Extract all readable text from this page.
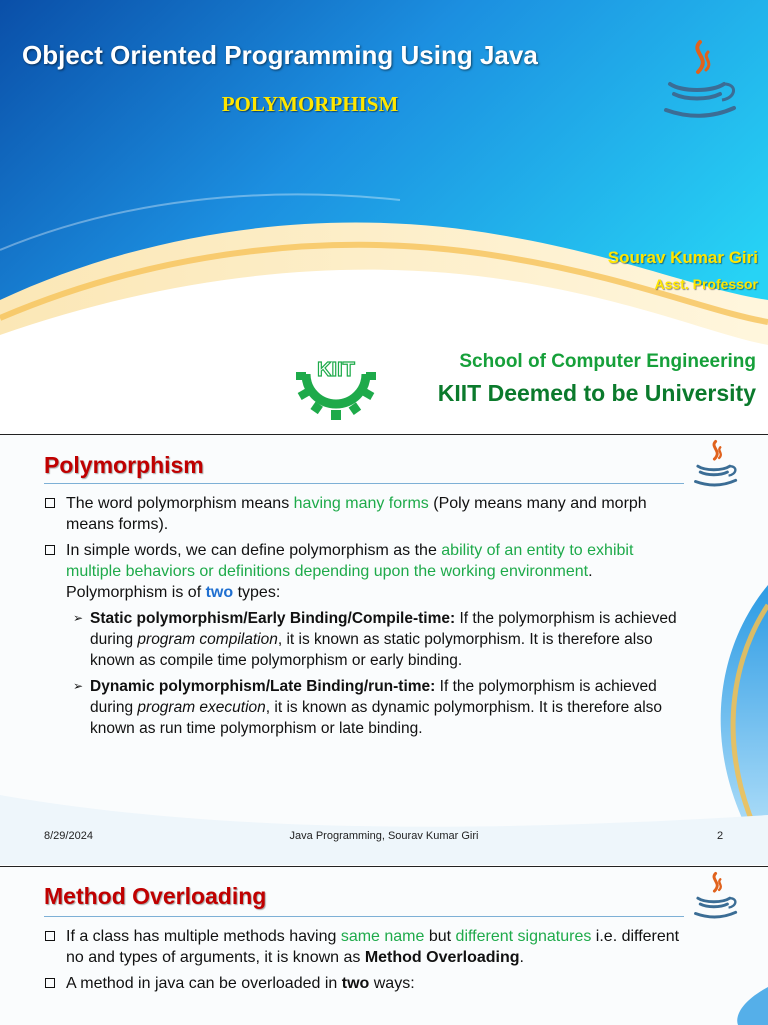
Object Oriented Programming Using Java
POLYMORPHISM
Sourav Kumar Giri
Asst. Professor
KIIT	School of Computer Engineering
KIIT Deemed to be University
Polymorphism
The word polymorphism means having many forms (Poly means many and morph means forms).
In simple words, we can define polymorphism as the ability of an entity to exhibit multiple behaviors or definitions depending upon the working environment. Polymorphism is of two types:
➢ Static polymorphism/Early Binding/Compile-time: If the polymorphism is achieved during program compilation, it is known as static polymorphism. It is therefore also known as compile time polymorphism or early binding.
➢ Dynamic polymorphism/Late Binding/run-time: If the polymorphism is achieved during program execution, it is known as dynamic polymorphism. It is therefore also known as run time polymorphism or late binding.
8/29/2024	Java Programming, Sourav Kumar Giri	2
Method Overloading
If a class has multiple methods having same name but different signatures i.e. different no and types of arguments, it is known as Method Overloading.
A method in java can be overloaded in two ways:
